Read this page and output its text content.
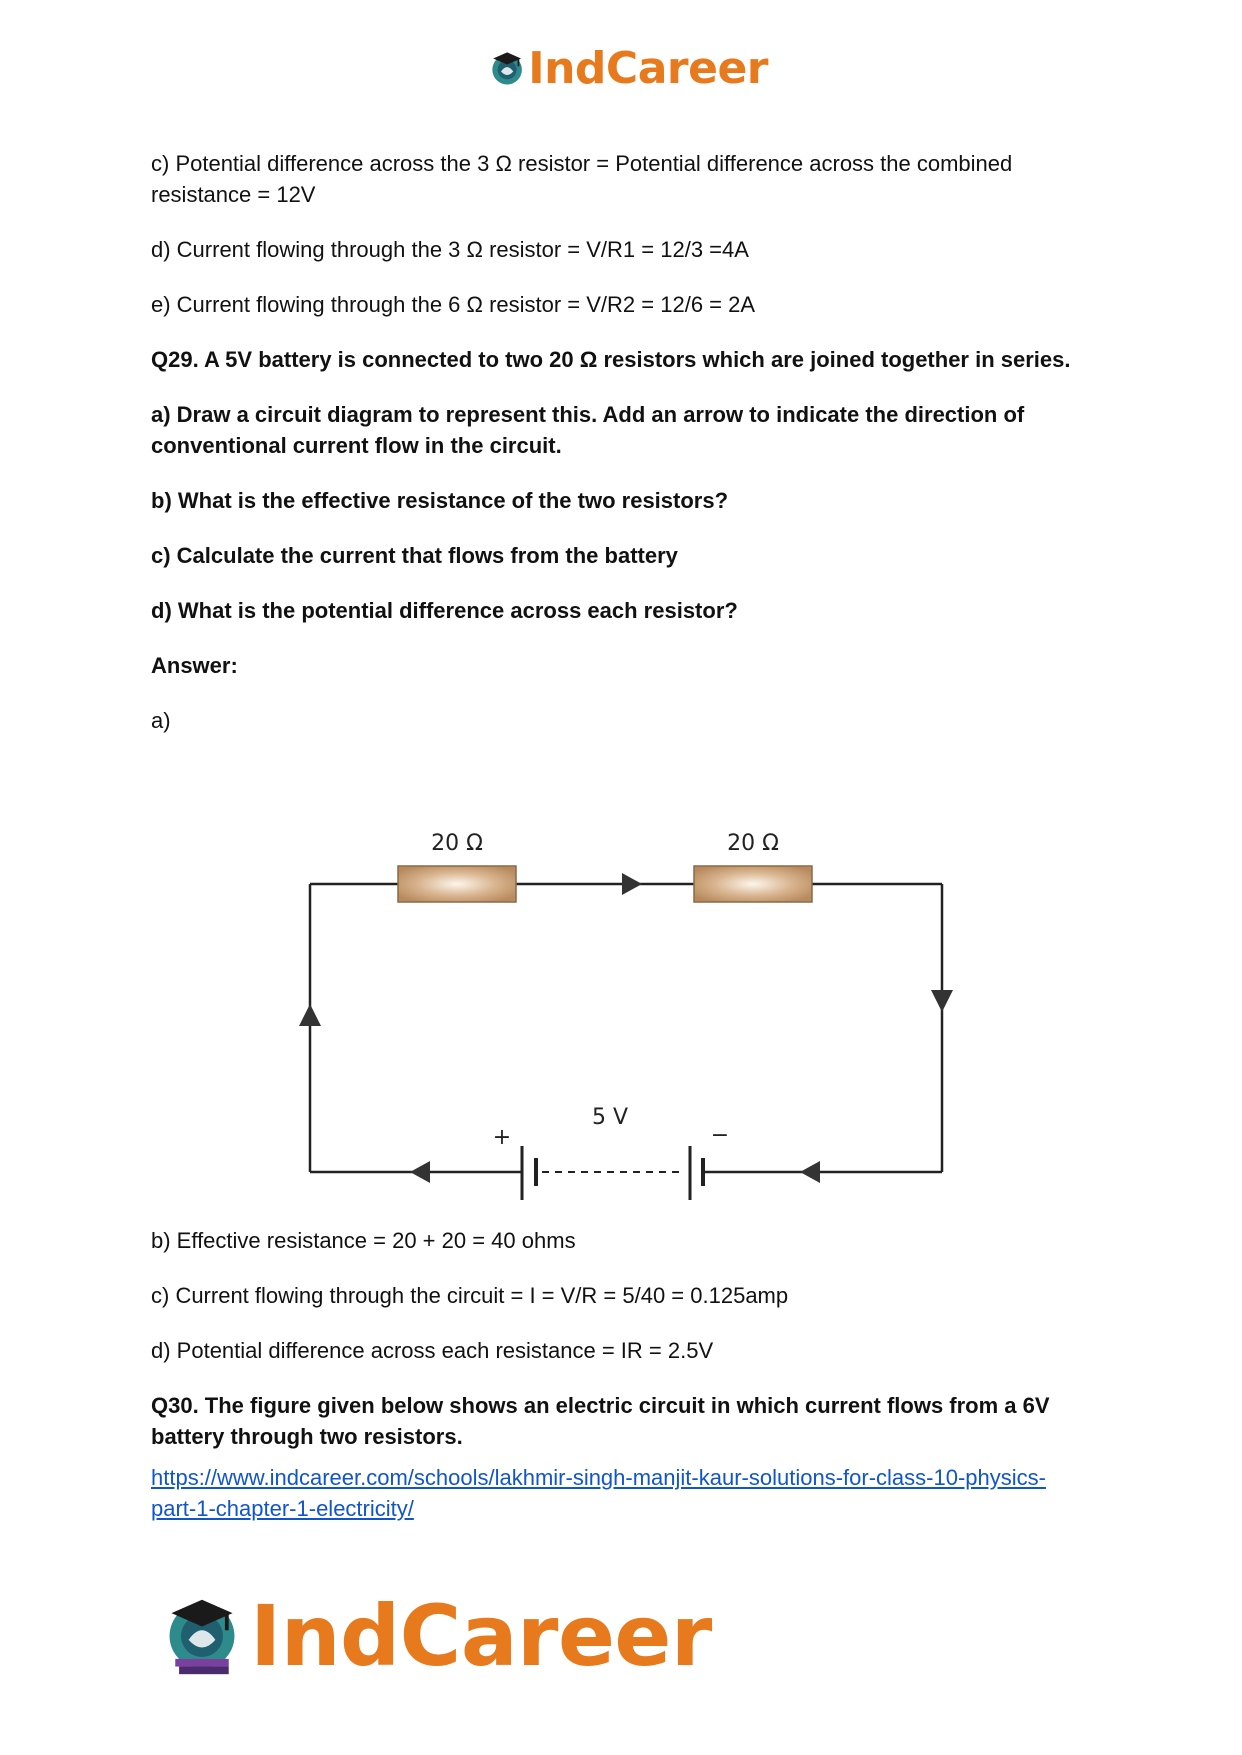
IndCareer

c) Potential difference across the 3 Ω resistor = Potential difference across the combined resistance = 12V

d) Current flowing through the 3 Ω resistor = V/R1 = 12/3 =4A

e) Current flowing through the 6 Ω resistor = V/R2 = 12/6 = 2A

Q29. A 5V battery is connected to two 20 Ω resistors which are joined together in series.

a) Draw a circuit diagram to represent this. Add an arrow to indicate the direction of conventional current flow in the circuit.

b) What is the effective resistance of the two resistors?

c) Calculate the current that flows from the battery

d) What is the potential difference across each resistor?

Answer:

a)

b) Effective resistance = 20 + 20 = 40 ohms

c) Current flowing through the circuit = I = V/R = 5/40 = 0.125amp

d) Potential difference across each resistance = IR = 2.5V

Q30. The figure given below shows an electric circuit in which current flows from a 6V battery through two resistors.

https://www.indcareer.com/schools/lakhmir-singh-manjit-kaur-solutions-for-class-10-physics-part-1-chapter-1-electricity/
20 Ω	20 Ω
5 V
+	−
IndCareer
